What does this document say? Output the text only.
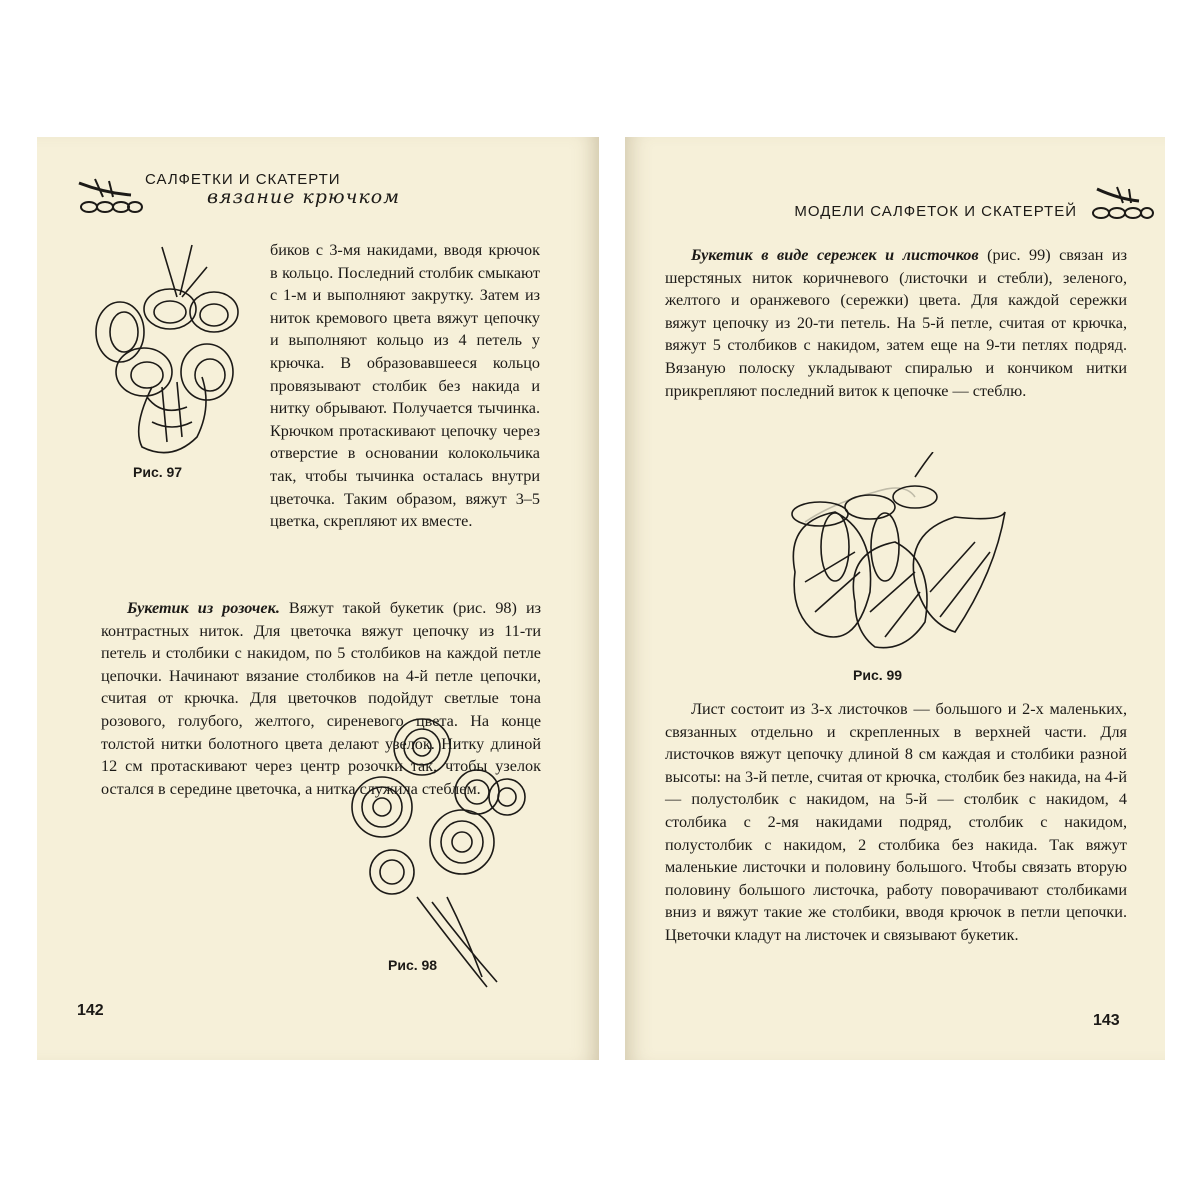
САЛФЕТКИ И СКАТЕРТИ
вязание крючком
Рис. 97

биков с 3-мя накидами, вводя крючок в кольцо. Последний столбик смыкают с 1-м и выполняют закрутку. Затем из ниток кремового цвета вяжут цепочку и выполняют кольцо из 4 петель у крючка. В образовавшееся кольцо провязывают столбик без накида и нитку обрывают. Получается тычинка. Крючком протаскивают цепочку через отверстие в основании колокольчика так, чтобы тычинка осталась внутри цветочка. Таким образом, вяжут 3–5 цветка, скрепляют их вместе.

Букетик из розочек. Вяжут такой букетик (рис. 98) из контрастных ниток. Для цветочка вяжут цепочку из 11-ти петель и столбики с накидом, по 5 столбиков на каждой петле цепочки. Начинают вязание столбиков на 4-й петле цепочки, считая от крючка. Для цветочков подойдут светлые тона розового, голубого, желтого, сиреневого цвета. На конце толстой нитки болотного цвета делают узелок. Нитку длиной 12 см протаскивают через центр розочки так, чтобы узелок остался в середине цветочка, а нитка служила стеблем.

Рис. 98
142
МОДЕЛИ САЛФЕТОК И СКАТЕРТЕЙ

Букетик в виде сережек и листочков (рис. 99) связан из шерстяных ниток коричневого (листочки и стебли), зеленого, желтого и оранжевого (сережки) цвета. Для каждой сережки вяжут цепочку из 20-ти петель. На 5-й петле, считая от крючка, вяжут 5 столбиков с накидом, затем еще на 9-ти петлях подряд. Вязаную полоску укладывают спиралью и кончиком нитки прикрепляют последний виток к цепочке — стеблю.

Рис. 99

Лист состоит из 3-х листочков — большого и 2-х маленьких, связанных отдельно и скрепленных в верхней части. Для листочков вяжут цепочку длиной 8 см каждая и столбики разной высоты: на 3-й петле, считая от крючка, столбик без накида, на 4-й — полустолбик с накидом, на 5-й — столбик с накидом, 4 столбика с 2-мя накидами подряд, столбик с накидом, полустолбик с накидом, 2 столбика без накида. Так вяжут маленькие листочки и половину большого. Чтобы связать вторую половину большого листочка, работу поворачивают столбиками вниз и вяжут такие же столбики, вводя крючок в петли цепочки. Цветочки кладут на листочек и связывают букетик.

143
